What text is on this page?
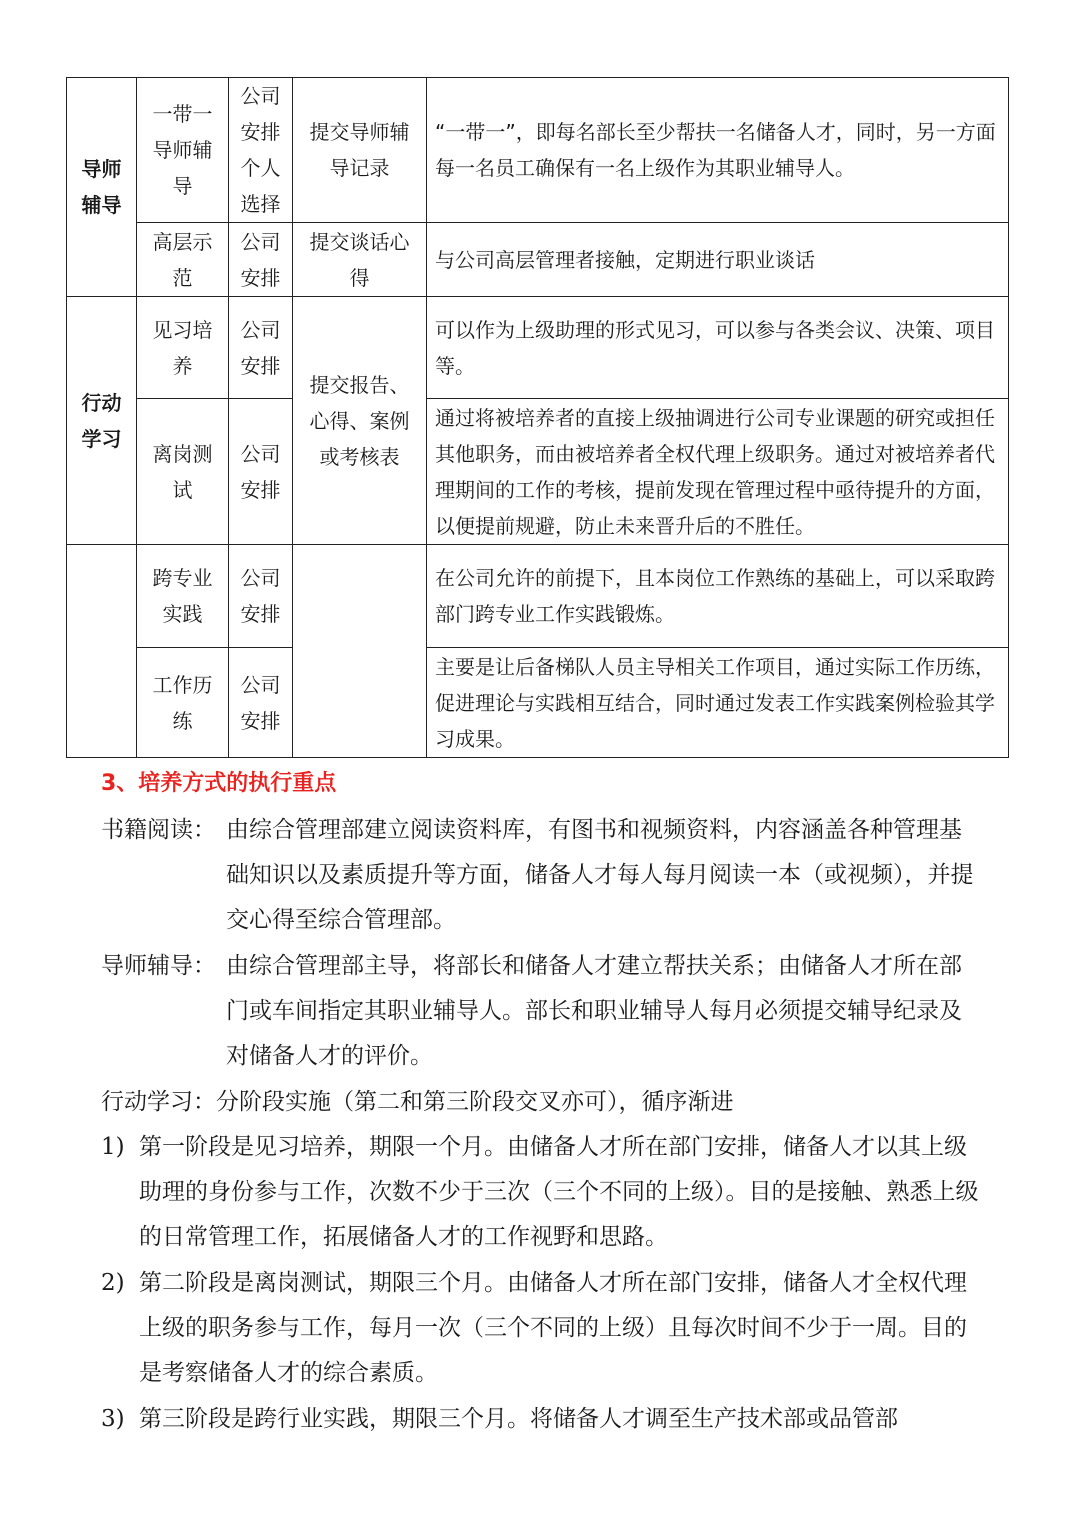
导师辅导	一带一导师辅导	公司安排个人选择	提交导师辅导记录	“一带一”，即每名部长至少帮扶一名储备人才，同时，另一方面每一名员工确保有一名上级作为其职业辅导人。

	高层示范	公司安排	提交谈话心得	与公司高层管理者接触，定期进行职业谈话

行动学习	见习培养	公司安排	提交报告、心得、案例或考核表	可以作为上级助理的形式见习，可以参与各类会议、决策、项目等。

	离岗测试	公司安排		通过将被培养者的直接上级抽调进行公司专业课题的研究或担任其他职务，而由被培养者全权代理上级职务。通过对被培养者代理期间的工作的考核，提前发现在管理过程中亟待提升的方面，以便提前规避，防止未来晋升后的不胜任。

	跨专业实践	公司安排		在公司允许的前提下，且本岗位工作熟练的基础上，可以采取跨部门跨专业工作实践锻炼。

	工作历练	公司安排		主要是让后备梯队人员主导相关工作项目，通过实际工作历练，促进理论与实践相互结合，同时通过发表工作实践案例检验其学习成果。
3、培养方式的执行重点
书籍阅读： 由综合管理部建立阅读资料库，有图书和视频资料，内容涵盖各种管理基础知识以及素质提升等方面，储备人才每人每月阅读一本（或视频），并提交心得至综合管理部。
导师辅导： 由综合管理部主导，将部长和储备人才建立帮扶关系；由储备人才所在部门或车间指定其职业辅导人。部长和职业辅导人每月必须提交辅导纪录及对储备人才的评价。
行动学习：分阶段实施（第二和第三阶段交叉亦可），循序渐进
1) 第一阶段是见习培养，期限一个月。由储备人才所在部门安排，储备人才以其上级助理的身份参与工作，次数不少于三次（三个不同的上级）。目的是接触、熟悉上级的日常管理工作，拓展储备人才的工作视野和思路。
2) 第二阶段是离岗测试，期限三个月。由储备人才所在部门安排，储备人才全权代理上级的职务参与工作，每月一次（三个不同的上级）且每次时间不少于一周。目的是考察储备人才的综合素质。
3) 第三阶段是跨行业实践，期限三个月。将储备人才调至生产技术部或品管部
